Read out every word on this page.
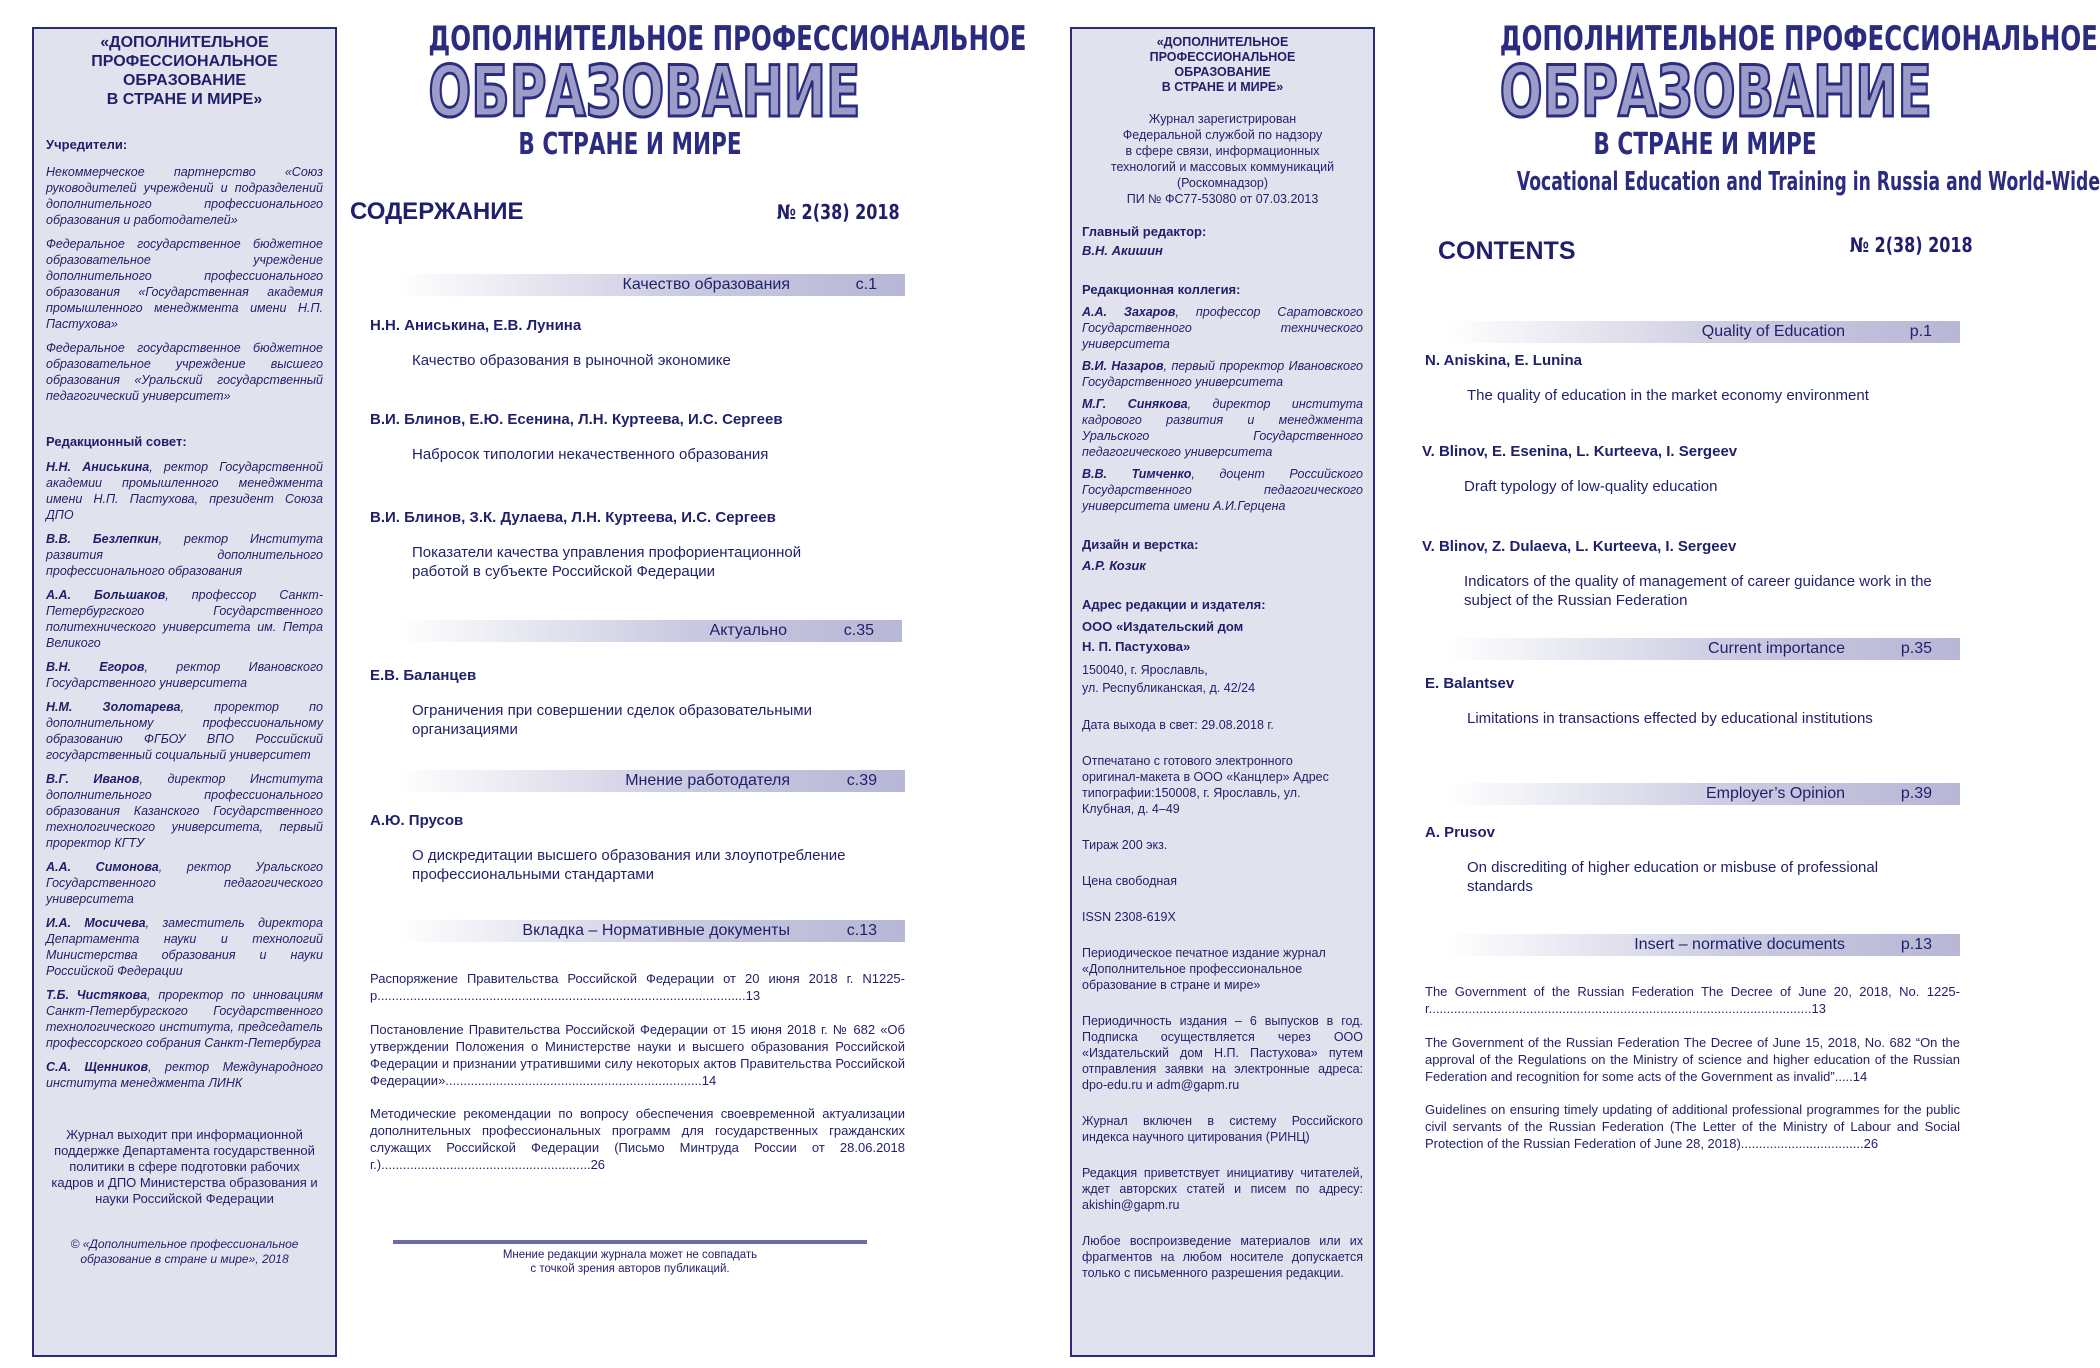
«ДОПОЛНИТЕЛЬНОЕ
ПРОФЕССИОНАЛЬНОЕ
ОБРАЗОВАНИЕ
В СТРАНЕ И МИРЕ»
Учредители:

Некоммерческое партнерство «Союз руководителей учреждений и подразделений дополнительного профессионального образования и работодателей»

Федеральное государственное бюджетное образовательное учреждение дополнительного профессионального образования «Государственная академия промышленного менеджмента имени Н.П. Пастухова»

Федеральное государственное бюджетное образовательное учреждение высшего образования «Уральский государственный педагогический университет»

Редакционный совет:

Н.Н. Аниськина, ректор Государственной академии промышленного менеджмента имени Н.П. Пастухова, президент Союза ДПО

В.В. Безлепкин, ректор Института развития дополнительного профессионального образования

А.А. Большаков, профессор Санкт-Петербургского Государственного политехнического университета им. Петра Великого

В.Н. Егоров, ректор Ивановского Государственного университета

Н.М. Золотарева, проректор по дополнительному профессиональному образованию ФГБОУ ВПО Российский государственный социальный университет

В.Г. Иванов, директор Института дополнительного профессионального образования Казанского Государственного технологического университета, первый проректор КГТУ

А.А. Симонова, ректор Уральского Государственного педагогического университета

И.А. Мосичева, заместитель директора Департамента науки и технологий Министерства образования и науки Российской Федерации

Т.Б. Чистякова, проректор по инновациям Санкт-Петербургского Государственного технологического института, председатель профессорского собрания Санкт-Петербурга

С.А. Щенников, ректор Международного института менеджмента ЛИНК

Журнал выходит при информационной поддержке Департамента государственной политики в сфере подготовки рабочих кадров и ДПО Министерства образования и науки Российской Федерации
© «Дополнительное профессиональное образование в стране и мире», 2018
ДОПОЛНИТЕЛЬНОЕ ПРОФЕССИОНАЛЬНОЕ
ОБРАЗОВАНИЕ
В СТРАНЕ И МИРЕ
СОДЕРЖАНИЕ	№ 2(38) 2018
Качество образования	с.1
Н.Н. Аниськина, Е.В. Лунина
Качество образования в рыночной экономике
В.И. Блинов, Е.Ю. Есенина, Л.Н. Куртеева, И.С. Сергеев
Набросок типологии некачественного образования
В.И. Блинов, З.К. Дулаева, Л.Н. Куртеева, И.С. Сергеев
Показатели качества управления профориентационной работой в субъекте Российской Федерации
Актуально	с.35
Е.В. Баланцев
Ограничения при совершении сделок образовательными организациями
Мнение работодателя	с.39
А.Ю. Прусов
О дискредитации высшего образования или злоупотребление профессиональными стандартами
Вкладка – Нормативные документы	с.13
Распоряжение Правительства Российской Федерации от 20 июня 2018 г. N1225-р......................................................................................................13
Постановление Правительства Российской Федерации от 15 июня 2018 г. № 682 «Об утверждении Положения о Министерстве науки и высшего образования Российской Федерации и признании утратившими силу некоторых актов Правительства Российской Федерации».......................................................................14
Методические рекомендации по вопросу обеспечения своевременной актуализации дополнительных профессиональных программ для государственных гражданских служащих Российской Федерации (Письмо Минтруда России от 28.06.2018 г.)..........................................................26
Мнение редакции журнала может не совпадать
с точкой зрения авторов публикаций.
«ДОПОЛНИТЕЛЬНОЕ
ПРОФЕССИОНАЛЬНОЕ
ОБРАЗОВАНИЕ
В СТРАНЕ И МИРЕ»
Журнал зарегистрирован
Федеральной службой по надзору
в сфере связи, информационных
технологий и массовых коммуникаций
(Роскомнадзор)
ПИ № ФС77-53080 от 07.03.2013
Главный редактор:
В.Н. Акишин
Редакционная коллегия:

А.А. Захаров, профессор Саратовского Государственного технического университета

В.И. Назаров, первый проректор Ивановского Государственного университета

М.Г. Синякова, директор института кадрового развития и менеджмента Уральского Государственного педагогического университета

В.В. Тимченко, доцент Российского Государственного педагогического университета имени А.И.Герцена

Дизайн и верстка:
А.Р. Козик
Адрес редакции и издателя:
ООО «Издательский дом
Н. П. Пастухова»
150040, г. Ярославль,
ул. Республиканская, д. 42/24
Дата выхода в свет: 29.08.2018 г.
Отпечатано с готового электронного оригинал-макета в ООО «Канцлер» Адрес типографии:150008, г. Ярославль, ул. Клубная, д. 4–49
Тираж 200 экз.
Цена свободная
ISSN 2308-619X
Периодическое печатное издание журнал «Дополнительное профессиональное образование в стране и мире»
Периодичность издания – 6 выпусков в год. Подписка осуществляется через ООО «Издательский дом Н.П. Пастухова» путем отправления заявки на электронные адреса: dpo-edu.ru и adm@gapm.ru
Журнал включен в систему Российского индекса научного цитирования (РИНЦ)
Редакция приветствует инициативу читателей, ждет авторских статей и писем по адресу: akishin@gapm.ru
Любое воспроизведение материалов или их фрагментов на любом носителе допускается только с письменного разрешения редакции.
ДОПОЛНИТЕЛЬНОЕ ПРОФЕССИОНАЛЬНОЕ
ОБРАЗОВАНИЕ
В СТРАНЕ И МИРЕ
Vocational Education and Training in Russia and World-Wide
CONTENTS	№ 2(38) 2018
Quality of Education	p.1
N. Aniskina, E. Lunina
The quality of education in the market economy environment
V. Blinov, E. Esenina, L. Kurteeva, I. Sergeev
Draft typology of low-quality education
V. Blinov, Z. Dulaeva, L. Kurteeva, I. Sergeev
Indicators of the quality of management of career guidance work in the subject of the Russian Federation
Current importance	p.35
E. Balantsev
Limitations in transactions effected by educational institutions
Employer’s Opinion	p.39
A. Prusov
On discrediting of higher education or misbuse of professional standards
Insert – normative documents	p.13
The Government of the Russian Federation The Decree of June 20, 2018, No. 1225-r..........................................................................................................13
The Government of the Russian Federation The Decree of June 15, 2018, No. 682 “On the approval of the Regulations on the Ministry of science and higher education of the Russian Federation and recognition for some acts of the Government as invalid”.....14
Guidelines on ensuring timely updating of additional professional programmes for the public civil servants of the Russian Federation (The Letter of the Ministry of Labour and Social Protection of the Russian Federation of June 28, 2018)..................................26
